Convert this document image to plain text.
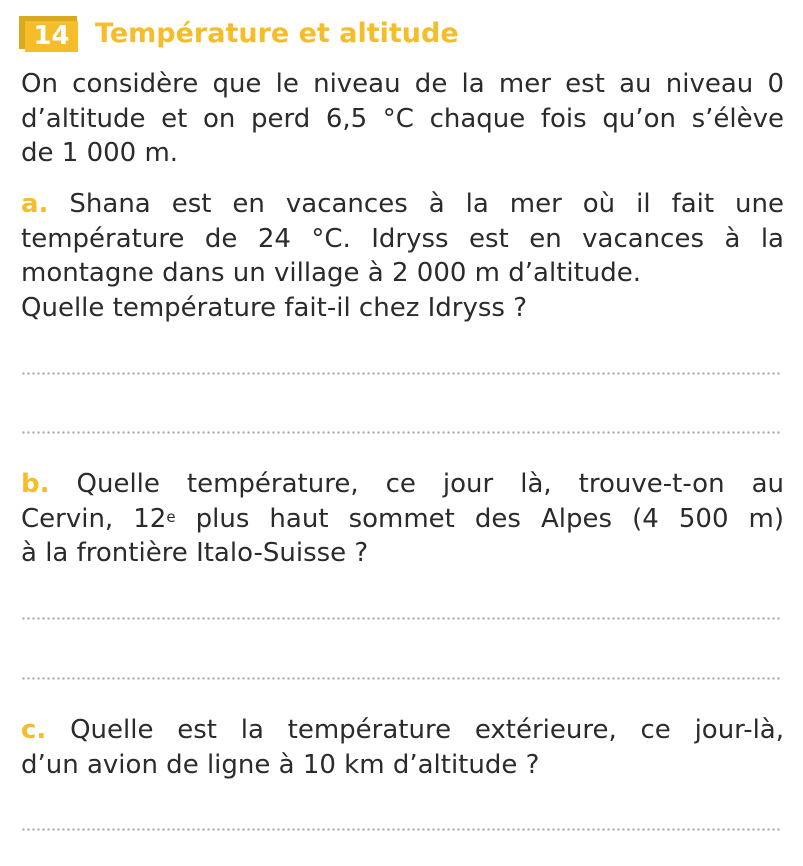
14 Température et altitude
On considère que le niveau de la mer est au niveau 0
d’altitude et on perd 6,5 °C chaque fois qu’on s’élève
de 1 000 m.
a. Shana est en vacances à la mer où il fait une
température de 24 °C. Idryss est en vacances à la
montagne dans un village à 2 000 m d’altitude.
Quelle température fait-il chez Idryss ?
b. Quelle température, ce jour là, trouve-t-on au
Cervin, 12e plus haut sommet des Alpes (4 500 m)
à la frontière Italo-Suisse ?
c. Quelle est la température extérieure, ce jour-là,
d’un avion de ligne à 10 km d’altitude ?
